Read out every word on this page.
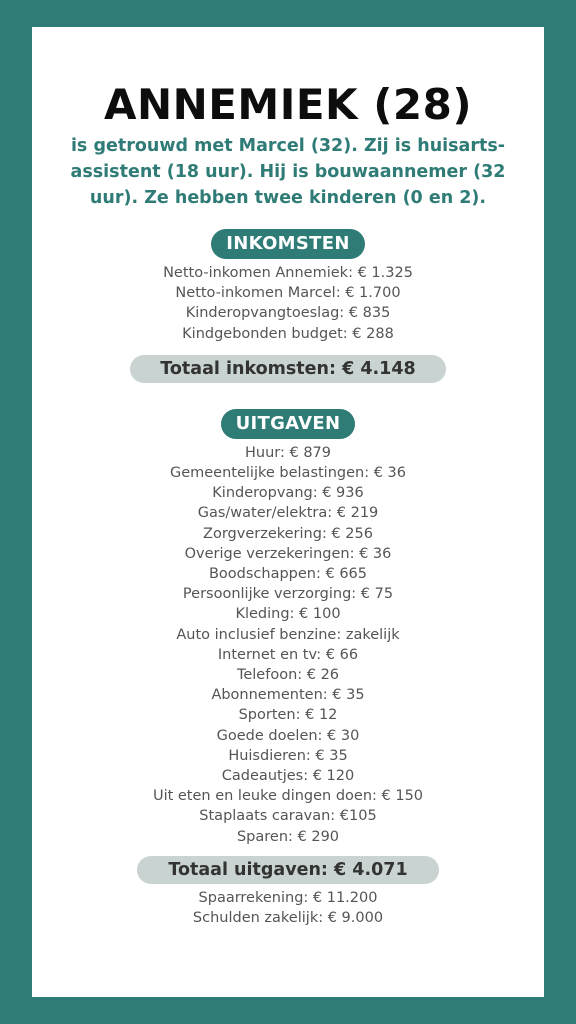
ANNEMIEK (28)

is getrouwd met Marcel (32). Zij is huisarts-assistent (18 uur). Hij is bouwaannemer (32 uur). Ze hebben twee kinderen (0 en 2).

INKOMSTEN
Netto-inkomen Annemiek: € 1.325
Netto-inkomen Marcel: € 1.700
Kinderopvangtoeslag: € 835
Kindgebonden budget: € 288
Totaal inkomsten: € 4.148
UITGAVEN
Huur: € 879
Gemeentelijke belastingen: € 36
Kinderopvang: € 936
Gas/water/elektra: € 219
Zorgverzekering: € 256
Overige verzekeringen: € 36
Boodschappen: € 665
Persoonlijke verzorging: € 75
Kleding: € 100
Auto inclusief benzine: zakelijk
Internet en tv: € 66
Telefoon: € 26
Abonnementen: € 35
Sporten: € 12
Goede doelen: € 30
Huisdieren: € 35
Cadeautjes: € 120
Uit eten en leuke dingen doen: € 150
Staplaats caravan: €105
Sparen: € 290
Totaal uitgaven: € 4.071
Spaarrekening: € 11.200
Schulden zakelijk: € 9.000
